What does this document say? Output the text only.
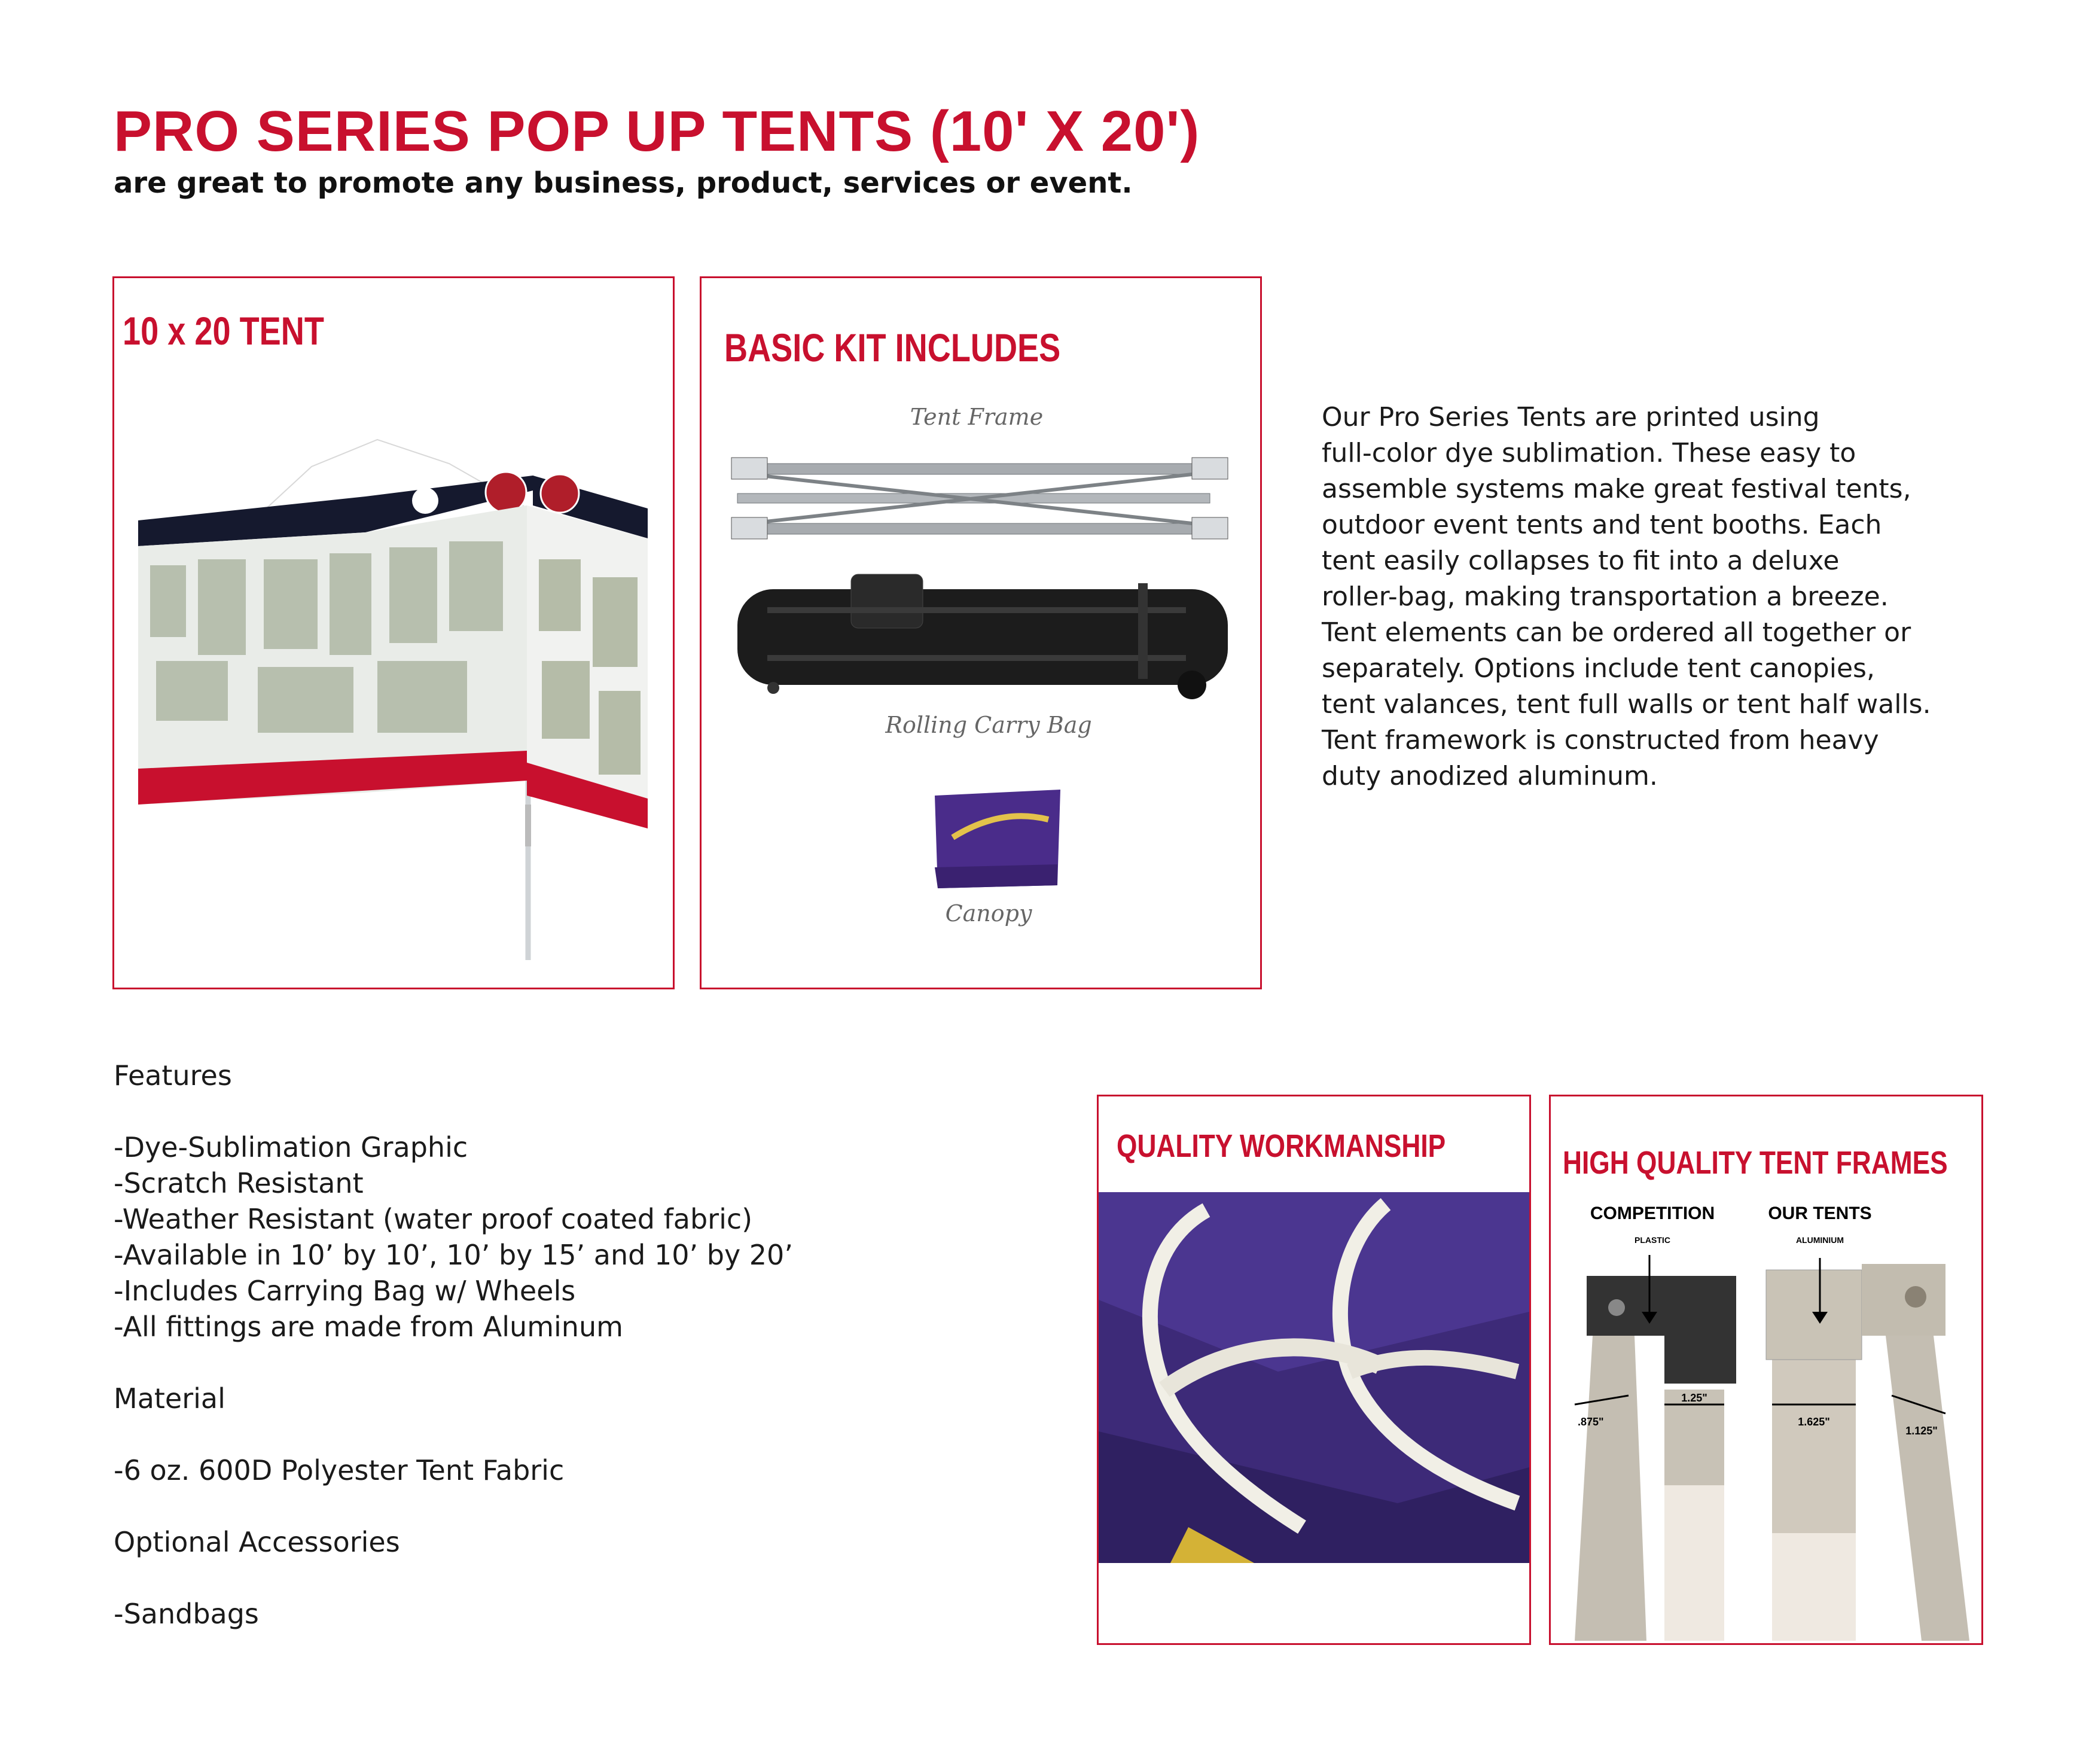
PRO SERIES POP UP TENTS (10' X 20')

are great to promote any business, product, services or event.

10 x 20 TENT	BASIC KIT INCLUDES
Tent Frame
Rolling Carry Bag
Canopy
Our Pro Series Tents are printed using
full-color dye sublimation. These easy to
assemble systems make great festival tents,
outdoor event tents and tent booths. Each
tent easily collapses to fit into a deluxe
roller-bag, making transportation a breeze.
Tent elements can be ordered all together or
separately. Options include tent canopies,
tent valances, tent full walls or tent half walls.
Tent framework is constructed from heavy
duty anodized aluminum.
Features
-Dye-Sublimation Graphic
-Scratch Resistant
-Weather Resistant (water proof coated fabric)
-Available in 10’ by 10’, 10’ by 15’ and 10’ by 20’
-Includes Carrying Bag w/ Wheels
-All fittings are made from Aluminum
Material
-6 oz. 600D Polyester Tent Fabric
Optional Accessories
-Sandbags
QUALITY WORKMANSHIP	HIGH QUALITY TENT FRAMES
COMPETITION
PLASTIC
OUR TENTS
ALUMINIUM
.875"
1.25"
1.625"
1.125"
